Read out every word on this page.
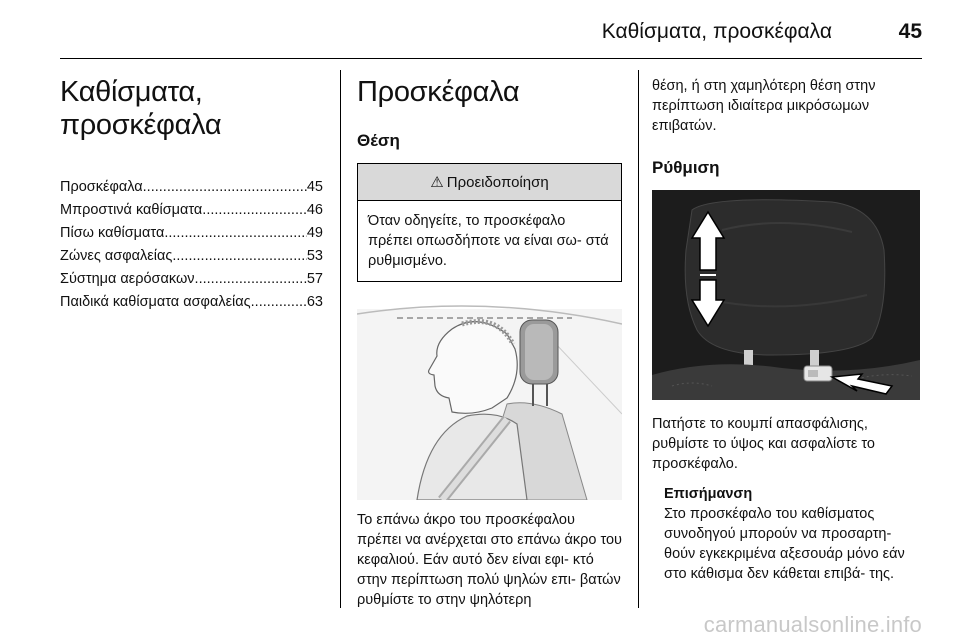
Καθίσματα, προσκέφαλα	45
Καθίσματα,
προσκέφαλα
Προσκέφαλα .....	45
Μπροστινά καθίσματα .....	46
Πίσω καθίσματα .....	49
Ζώνες ασφαλείας .....	53
Σύστημα αερόσακων .....	57
Παιδικά καθίσματα ασφαλείας .....	63
Προσκέφαλα
Θέση
⚠ Προειδοποίηση
Όταν οδηγείτε, το προσκέφαλο πρέπει οπωσδήποτε να είναι σω- στά ρυθμισμένο.

Το επάνω άκρο του προσκέφαλου πρέπει να ανέρχεται στο επάνω άκρο του κεφαλιού. Εάν αυτό δεν είναι εφι- κτό στην περίπτωση πολύ ψηλών επι- βατών ρυθμίστε το στην ψηλότερη

θέση, ή στη χαμηλότερη θέση στην περίπτωση ιδιαίτερα μικρόσωμων επιβατών.

Ρύθμιση

Πατήστε το κουμπί απασφάλισης, ρυθμίστε το ύψος και ασφαλίστε το προσκέφαλο.

Επισήμανση

Στο προσκέφαλο του καθίσματος συνοδηγού μπορούν να προσαρτη- θούν εγκεκριμένα αξεσουάρ μόνο εάν στο κάθισμα δεν κάθεται επιβά- της.

carmanualsonline.info
